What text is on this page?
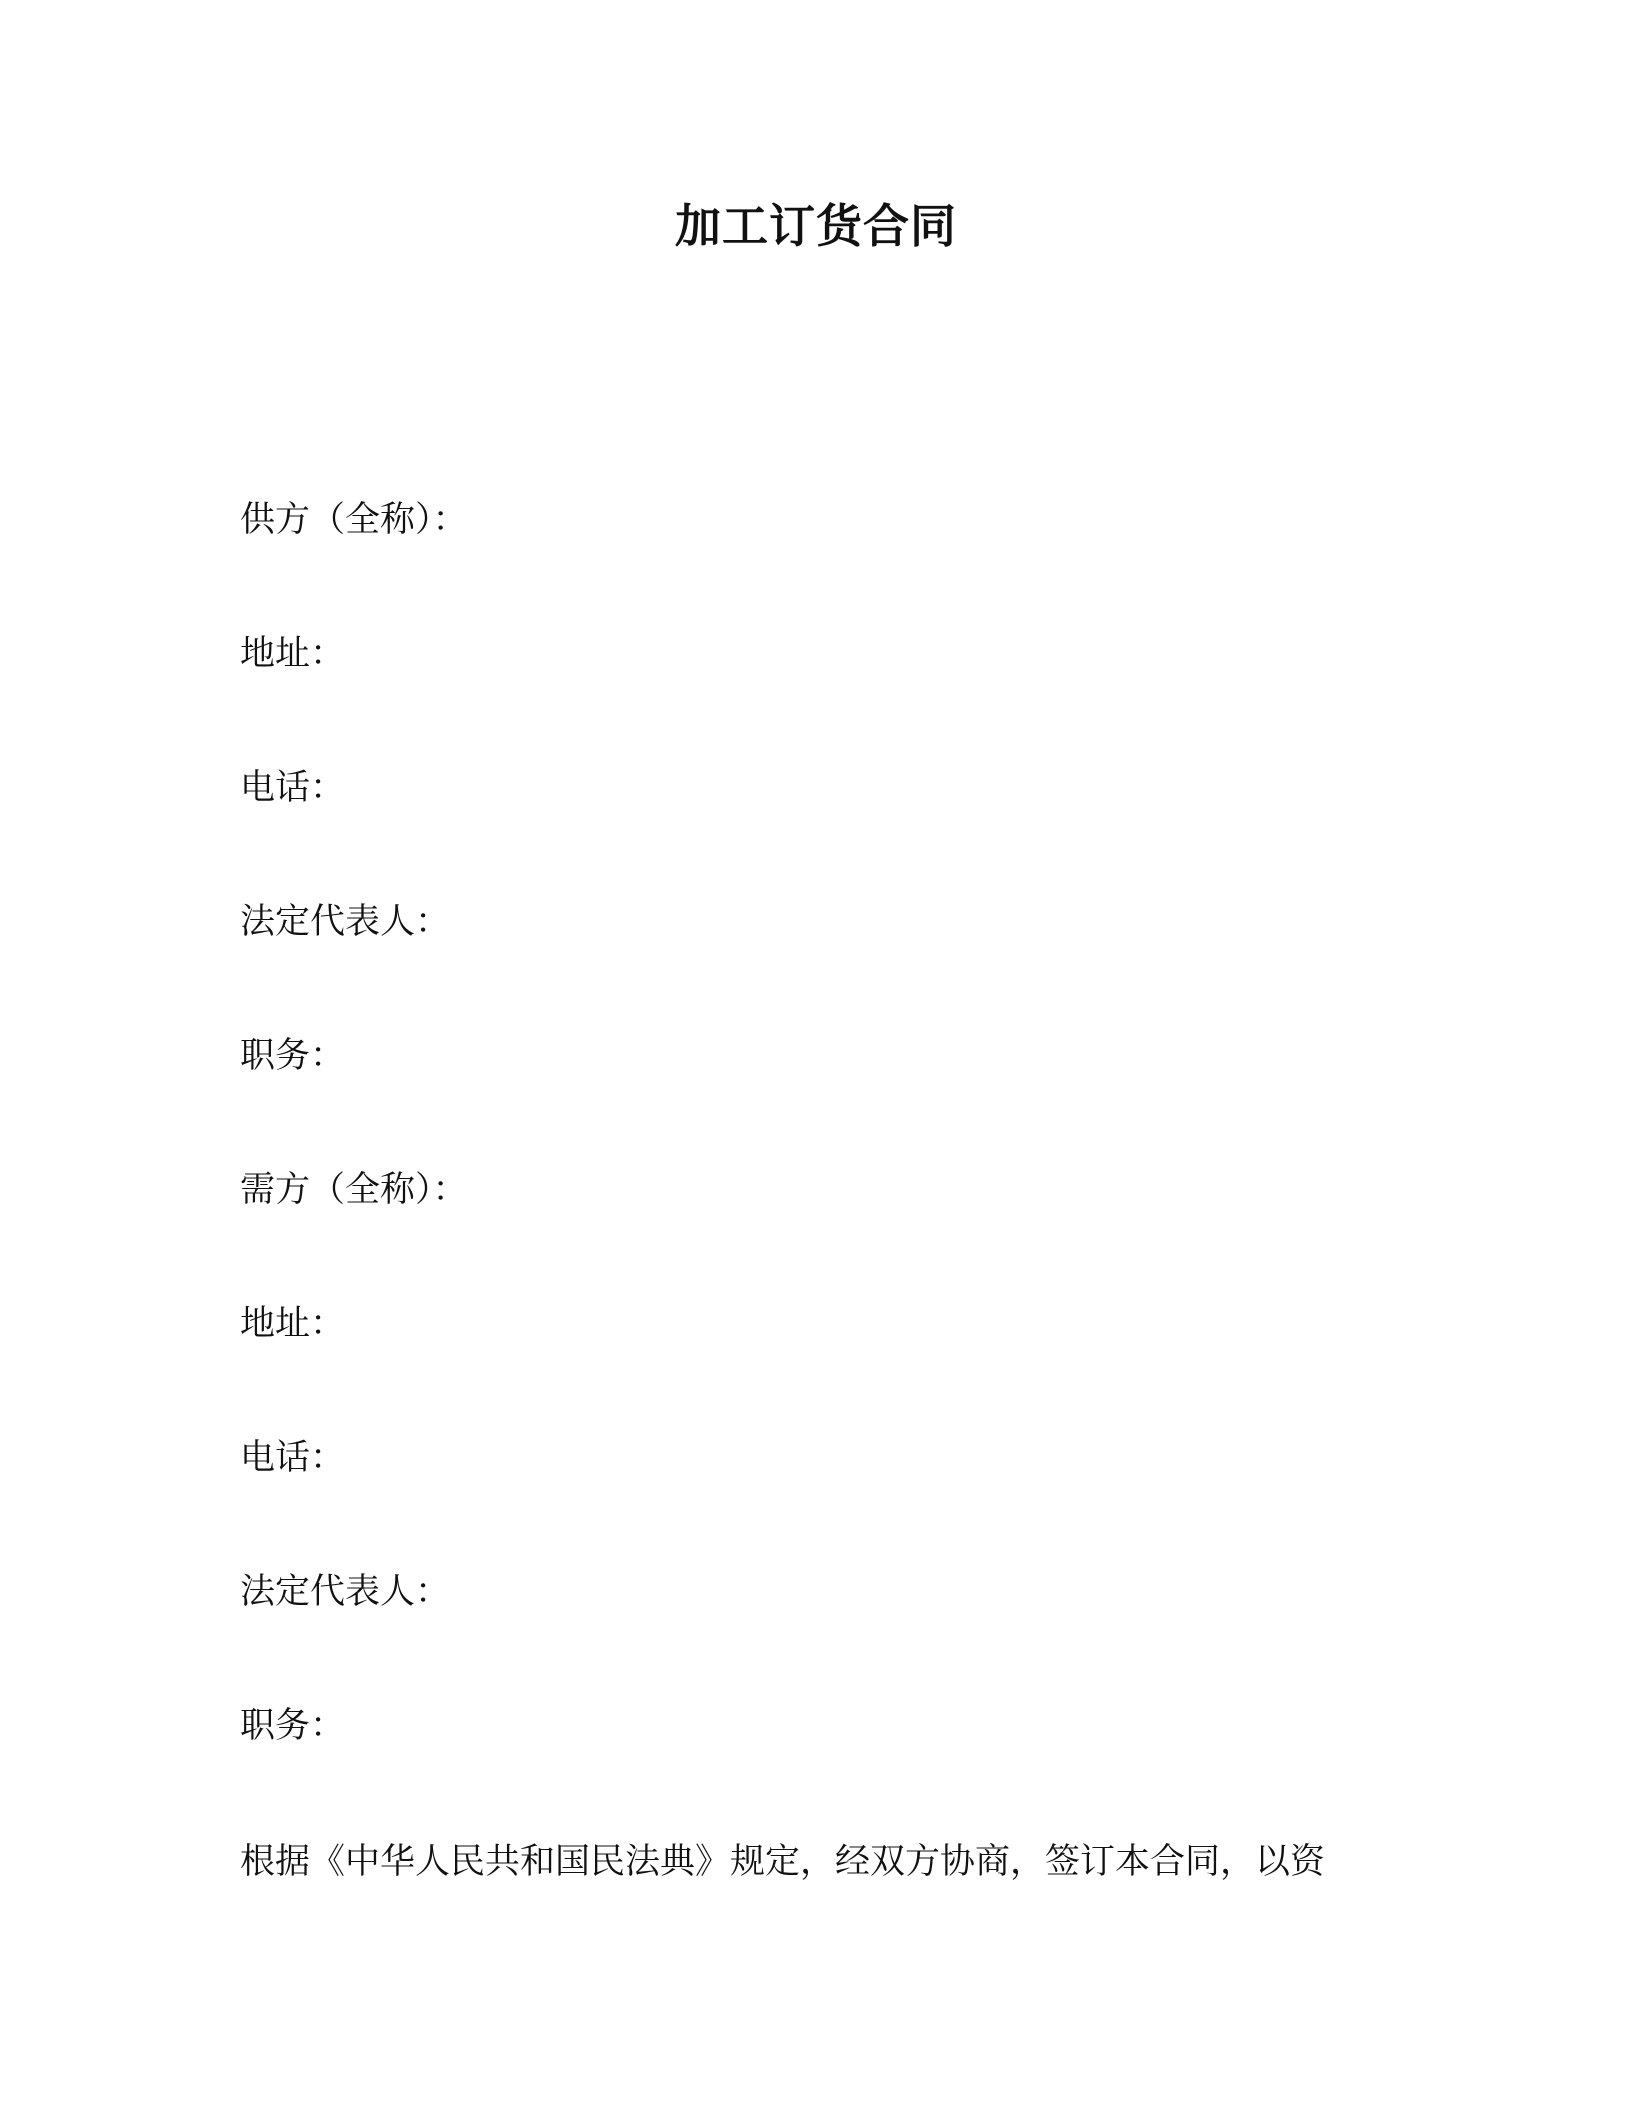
加工订货合同
供方（全称）：
地址：
电话：
法定代表人：
职务：
需方（全称）：
地址：
电话：
法定代表人：
职务：
根据《中华人民共和国民法典》规定，经双方协商，签订本合同，以资
